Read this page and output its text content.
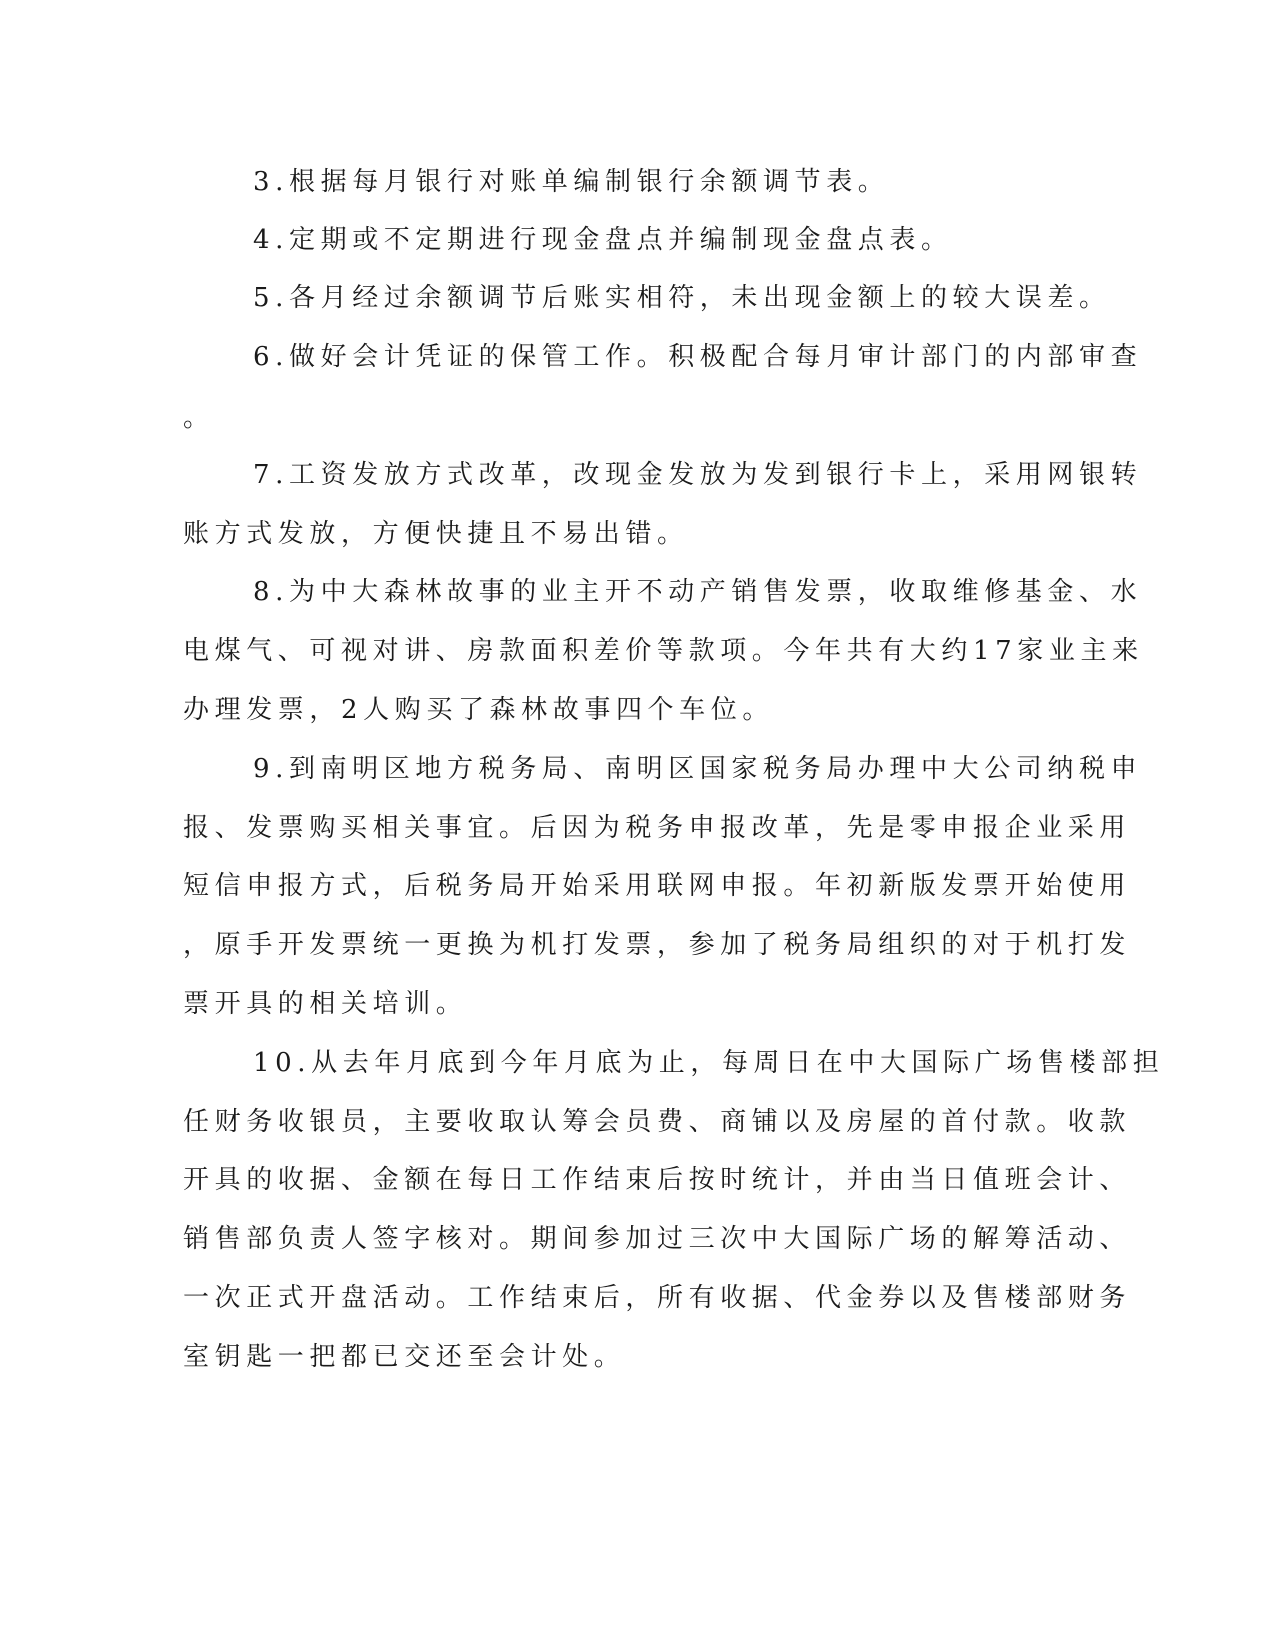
3.根据每月银行对账单编制银行余额调节表。
4.定期或不定期进行现金盘点并编制现金盘点表。
5.各月经过余额调节后账实相符，未出现金额上的较大误差。
6.做好会计凭证的保管工作。积极配合每月审计部门的内部审查
。
7.工资发放方式改革，改现金发放为发到银行卡上，采用网银转
账方式发放，方便快捷且不易出错。
8.为中大森林故事的业主开不动产销售发票，收取维修基金、水
电煤气、可视对讲、房款面积差价等款项。今年共有大约17家业主来
办理发票，2人购买了森林故事四个车位。
9.到南明区地方税务局、南明区国家税务局办理中大公司纳税申
报、发票购买相关事宜。后因为税务申报改革，先是零申报企业采用
短信申报方式，后税务局开始采用联网申报。年初新版发票开始使用
，原手开发票统一更换为机打发票，参加了税务局组织的对于机打发
票开具的相关培训。
10.从去年月底到今年月底为止，每周日在中大国际广场售楼部担
任财务收银员，主要收取认筹会员费、商铺以及房屋的首付款。收款
开具的收据、金额在每日工作结束后按时统计，并由当日值班会计、
销售部负责人签字核对。期间参加过三次中大国际广场的解筹活动、
一次正式开盘活动。工作结束后，所有收据、代金券以及售楼部财务
室钥匙一把都已交还至会计处。
